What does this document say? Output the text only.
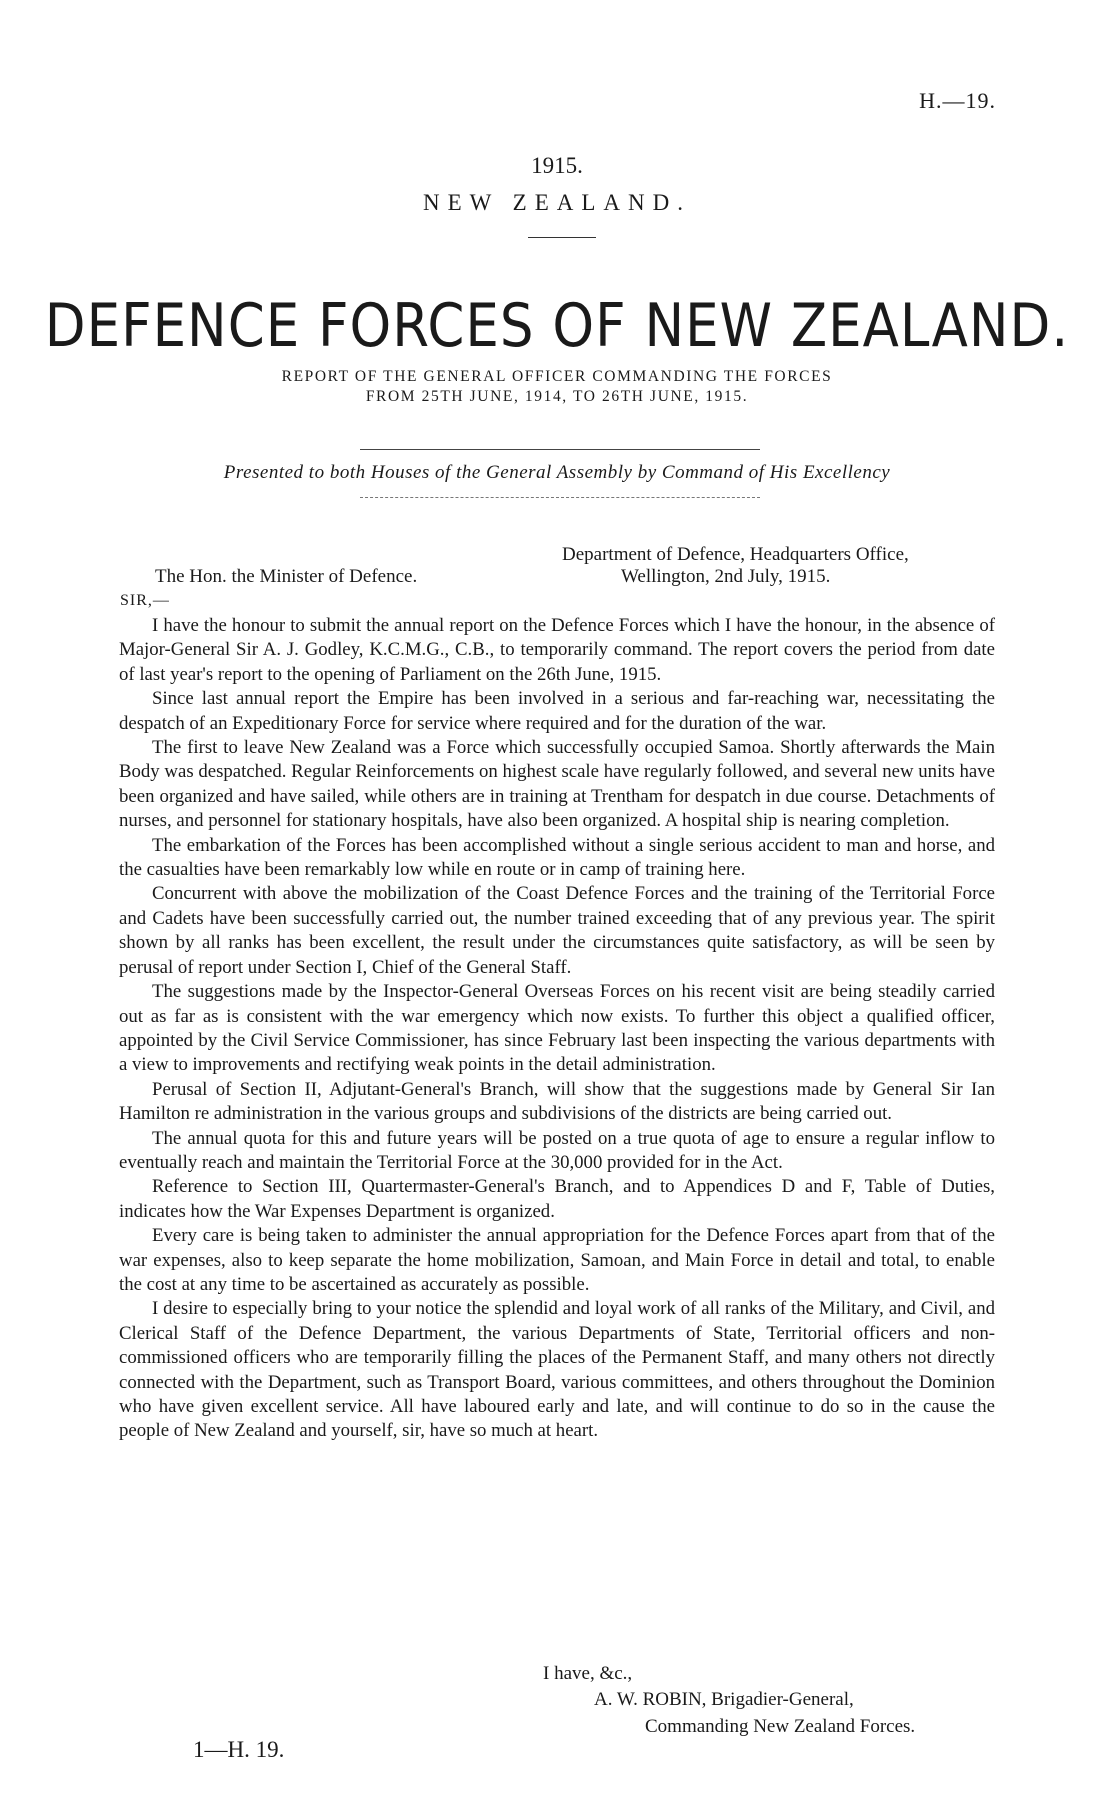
H.—19.
1915.
NEW ZEALAND.
DEFENCE FORCES OF NEW ZEALAND.
REPORT OF THE GENERAL OFFICER COMMANDING THE FORCES
FROM 25TH JUNE, 1914, TO 26TH JUNE, 1915.
Presented to both Houses of the General Assembly by Command of His Excellency
Department of Defence, Headquarters Office,
The Hon. the Minister of Defence.	Wellington, 2nd July, 1915.
SIR,—

I have the honour to submit the annual report on the Defence Forces which I have the honour, in the absence of Major-General Sir A. J. Godley, K.C.M.G., C.B., to temporarily command. The report covers the period from date of last year's report to the opening of Parliament on the 26th June, 1915.

Since last annual report the Empire has been involved in a serious and far-reaching war, necessitating the despatch of an Expeditionary Force for service where required and for the duration of the war.

The first to leave New Zealand was a Force which successfully occupied Samoa. Shortly afterwards the Main Body was despatched. Regular Reinforcements on highest scale have regularly followed, and several new units have been organized and have sailed, while others are in training at Trentham for despatch in due course. Detachments of nurses, and personnel for stationary hospitals, have also been organized. A hospital ship is nearing completion.

The embarkation of the Forces has been accomplished without a single serious accident to man and horse, and the casualties have been remarkably low while en route or in camp of training here.

Concurrent with above the mobilization of the Coast Defence Forces and the training of the Territorial Force and Cadets have been successfully carried out, the number trained exceeding that of any previous year. The spirit shown by all ranks has been excellent, the result under the circumstances quite satisfactory, as will be seen by perusal of report under Section I, Chief of the General Staff.

The suggestions made by the Inspector-General Overseas Forces on his recent visit are being steadily carried out as far as is consistent with the war emergency which now exists. To further this object a qualified officer, appointed by the Civil Service Commissioner, has since February last been inspecting the various departments with a view to improvements and rectifying weak points in the detail administration.

Perusal of Section II, Adjutant-General's Branch, will show that the suggestions made by General Sir Ian Hamilton re administration in the various groups and subdivisions of the districts are being carried out.

The annual quota for this and future years will be posted on a true quota of age to ensure a regular inflow to eventually reach and maintain the Territorial Force at the 30,000 provided for in the Act.

Reference to Section III, Quartermaster-General's Branch, and to Appendices D and F, Table of Duties, indicates how the War Expenses Department is organized.

Every care is being taken to administer the annual appropriation for the Defence Forces apart from that of the war expenses, also to keep separate the home mobilization, Samoan, and Main Force in detail and total, to enable the cost at any time to be ascertained as accurately as possible.

I desire to especially bring to your notice the splendid and loyal work of all ranks of the Military, and Civil, and Clerical Staff of the Defence Department, the various Departments of State, Territorial officers and non-commissioned officers who are temporarily filling the places of the Permanent Staff, and many others not directly connected with the Department, such as Transport Board, various committees, and others throughout the Dominion who have given excellent service. All have laboured early and late, and will continue to do so in the cause the people of New Zealand and yourself, sir, have so much at heart.

I have, &c.,
A. W. ROBIN, Brigadier-General,
Commanding New Zealand Forces.
1—H. 19.
